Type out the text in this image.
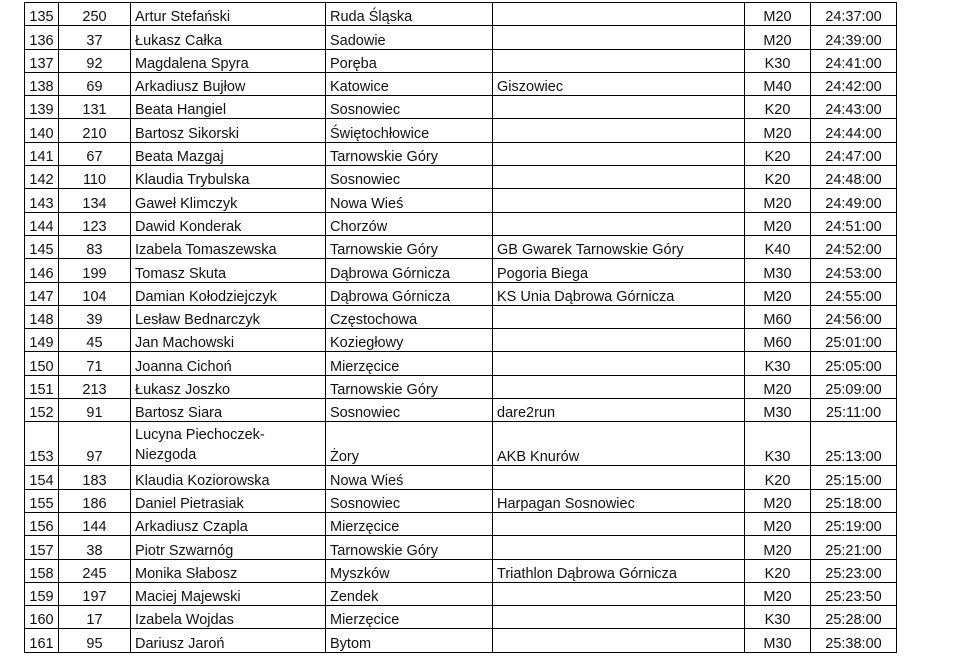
135	250	Artur Stefański	Ruda Śląska		M20	24:37:00
136	37	Łukasz Całka	Sadowie		M20	24:39:00
137	92	Magdalena Spyra	Poręba		K30	24:41:00
138	69	Arkadiusz Bujłow	Katowice	Giszowiec	M40	24:42:00
139	131	Beata Hangiel	Sosnowiec		K20	24:43:00
140	210	Bartosz Sikorski	Świętochłowice		M20	24:44:00
141	67	Beata Mazgaj	Tarnowskie Góry		K20	24:47:00
142	110	Klaudia Trybulska	Sosnowiec		K20	24:48:00
143	134	Gaweł Klimczyk	Nowa Wieś		M20	24:49:00
144	123	Dawid Konderak	Chorzów		M20	24:51:00
145	83	Izabela Tomaszewska	Tarnowskie Góry	GB Gwarek Tarnowskie Góry	K40	24:52:00
146	199	Tomasz Skuta	Dąbrowa Górnicza	Pogoria Biega	M30	24:53:00
147	104	Damian Kołodziejczyk	Dąbrowa Górnicza	KS Unia Dąbrowa Górnicza	M20	24:55:00
148	39	Lesław Bednarczyk	Częstochowa		M60	24:56:00
149	45	Jan Machowski	Koziegłowy		M60	25:01:00
150	71	Joanna Cichoń	Mierzęcice		K30	25:05:00
151	213	Łukasz Joszko	Tarnowskie Góry		M20	25:09:00
152	91	Bartosz Siara	Sosnowiec	dare2run	M30	25:11:00
153	97	Lucyna Piechoczek-Niezgoda	Żory	AKB Knurów	K30	25:13:00
154	183	Klaudia Koziorowska	Nowa Wieś		K20	25:15:00
155	186	Daniel Pietrasiak	Sosnowiec	Harpagan Sosnowiec	M20	25:18:00
156	144	Arkadiusz Czapla	Mierzęcice		M20	25:19:00
157	38	Piotr Szwarnóg	Tarnowskie Góry		M20	25:21:00
158	245	Monika Słabosz	Myszków	Triathlon Dąbrowa Górnicza	K20	25:23:00
159	197	Maciej Majewski	Zendek		M20	25:23:50
160	17	Izabela Wojdas	Mierzęcice		K30	25:28:00
161	95	Dariusz Jaroń	Bytom		M30	25:38:00
